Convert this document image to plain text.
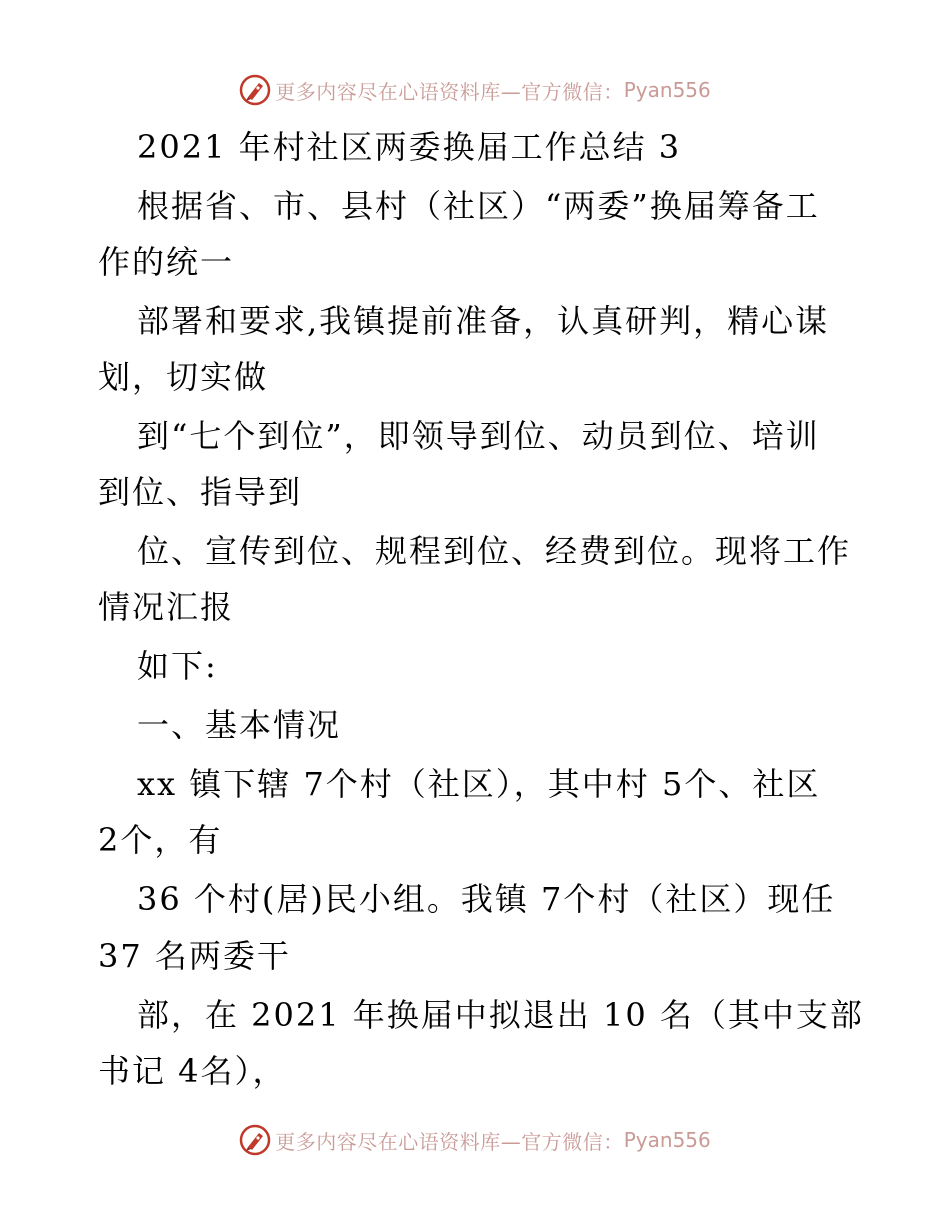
更多内容尽在心语资料库—官方微信： Pyan556
2021 年村社区两委换届工作总结 3
根据省、市、县村（社区）“两委”换届筹备工
作的统一
部署和要求,我镇提前准备，认真研判，精心谋
划，切实做
到“七个到位”，即领导到位、动员到位、培训
到位、指导到
位、宣传到位、规程到位、经费到位。现将工作
情况汇报
如下:
一、基本情况
xx 镇下辖 7个村（社区），其中村 5个、社区
2个，有
36 个村(居)民小组。我镇 7个村（社区）现任
37 名两委干
部，在 2021 年换届中拟退出 10 名（其中支部
书记 4名），
更多内容尽在心语资料库—官方微信： Pyan556
